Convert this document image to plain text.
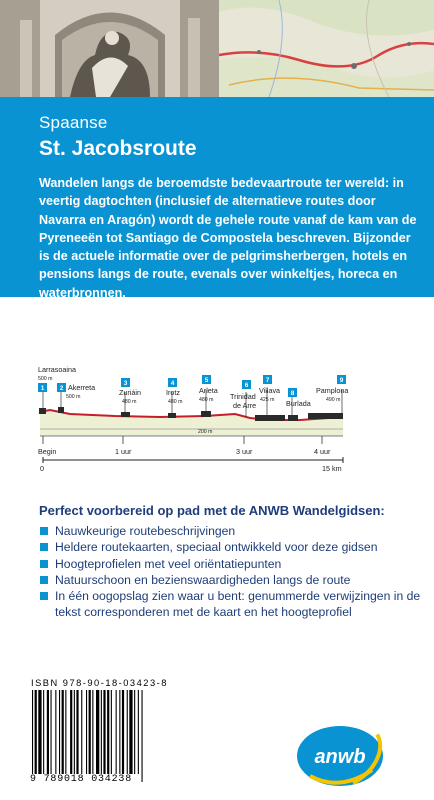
Spaanse
St. Jacobsroute
Wandelen langs de beroemdste bedevaartroute ter wereld: in veertig dagtochten (inclusief de alternatieve routes door Navarra en Aragón) wordt de gehele route vanaf de kam van de Pyreneeën tot Santiago de Compostela beschreven. Bijzonder is de actuele informatie over de pelgrimsherbergen, hotels en pensions langs de route, evenals over winkeltjes, horeca en waterbronnen.
1 2
3	4	5
6
7
8
9
Larrasoaina
Akerreta
Zuriáin	Irotz	Arleta
Trinidad
de Arre
Villava
Burlada
Pamplona
500 m
500 m
480 m	480 m	480 m	425 m	490 m
200 m
Begin	1 uur	3 uur	4 uur
0	15 km
Perfect voorbereid op pad met de ANWB Wandelgidsen:
Nauwkeurige routebeschrijvingen
Heldere routekaarten, speciaal ontwikkeld voor deze gidsen
Hoogteprofielen met veel oriëntatiepunten
Natuurschoon en bezienswaardigheden langs de route
In één oogopslag zien waar u bent: genummerde verwijzingen in de tekst corresponderen met de kaart en het hoogteprofiel
ISBN 978-90-18-03423-8
9 789018 034238
anwb
